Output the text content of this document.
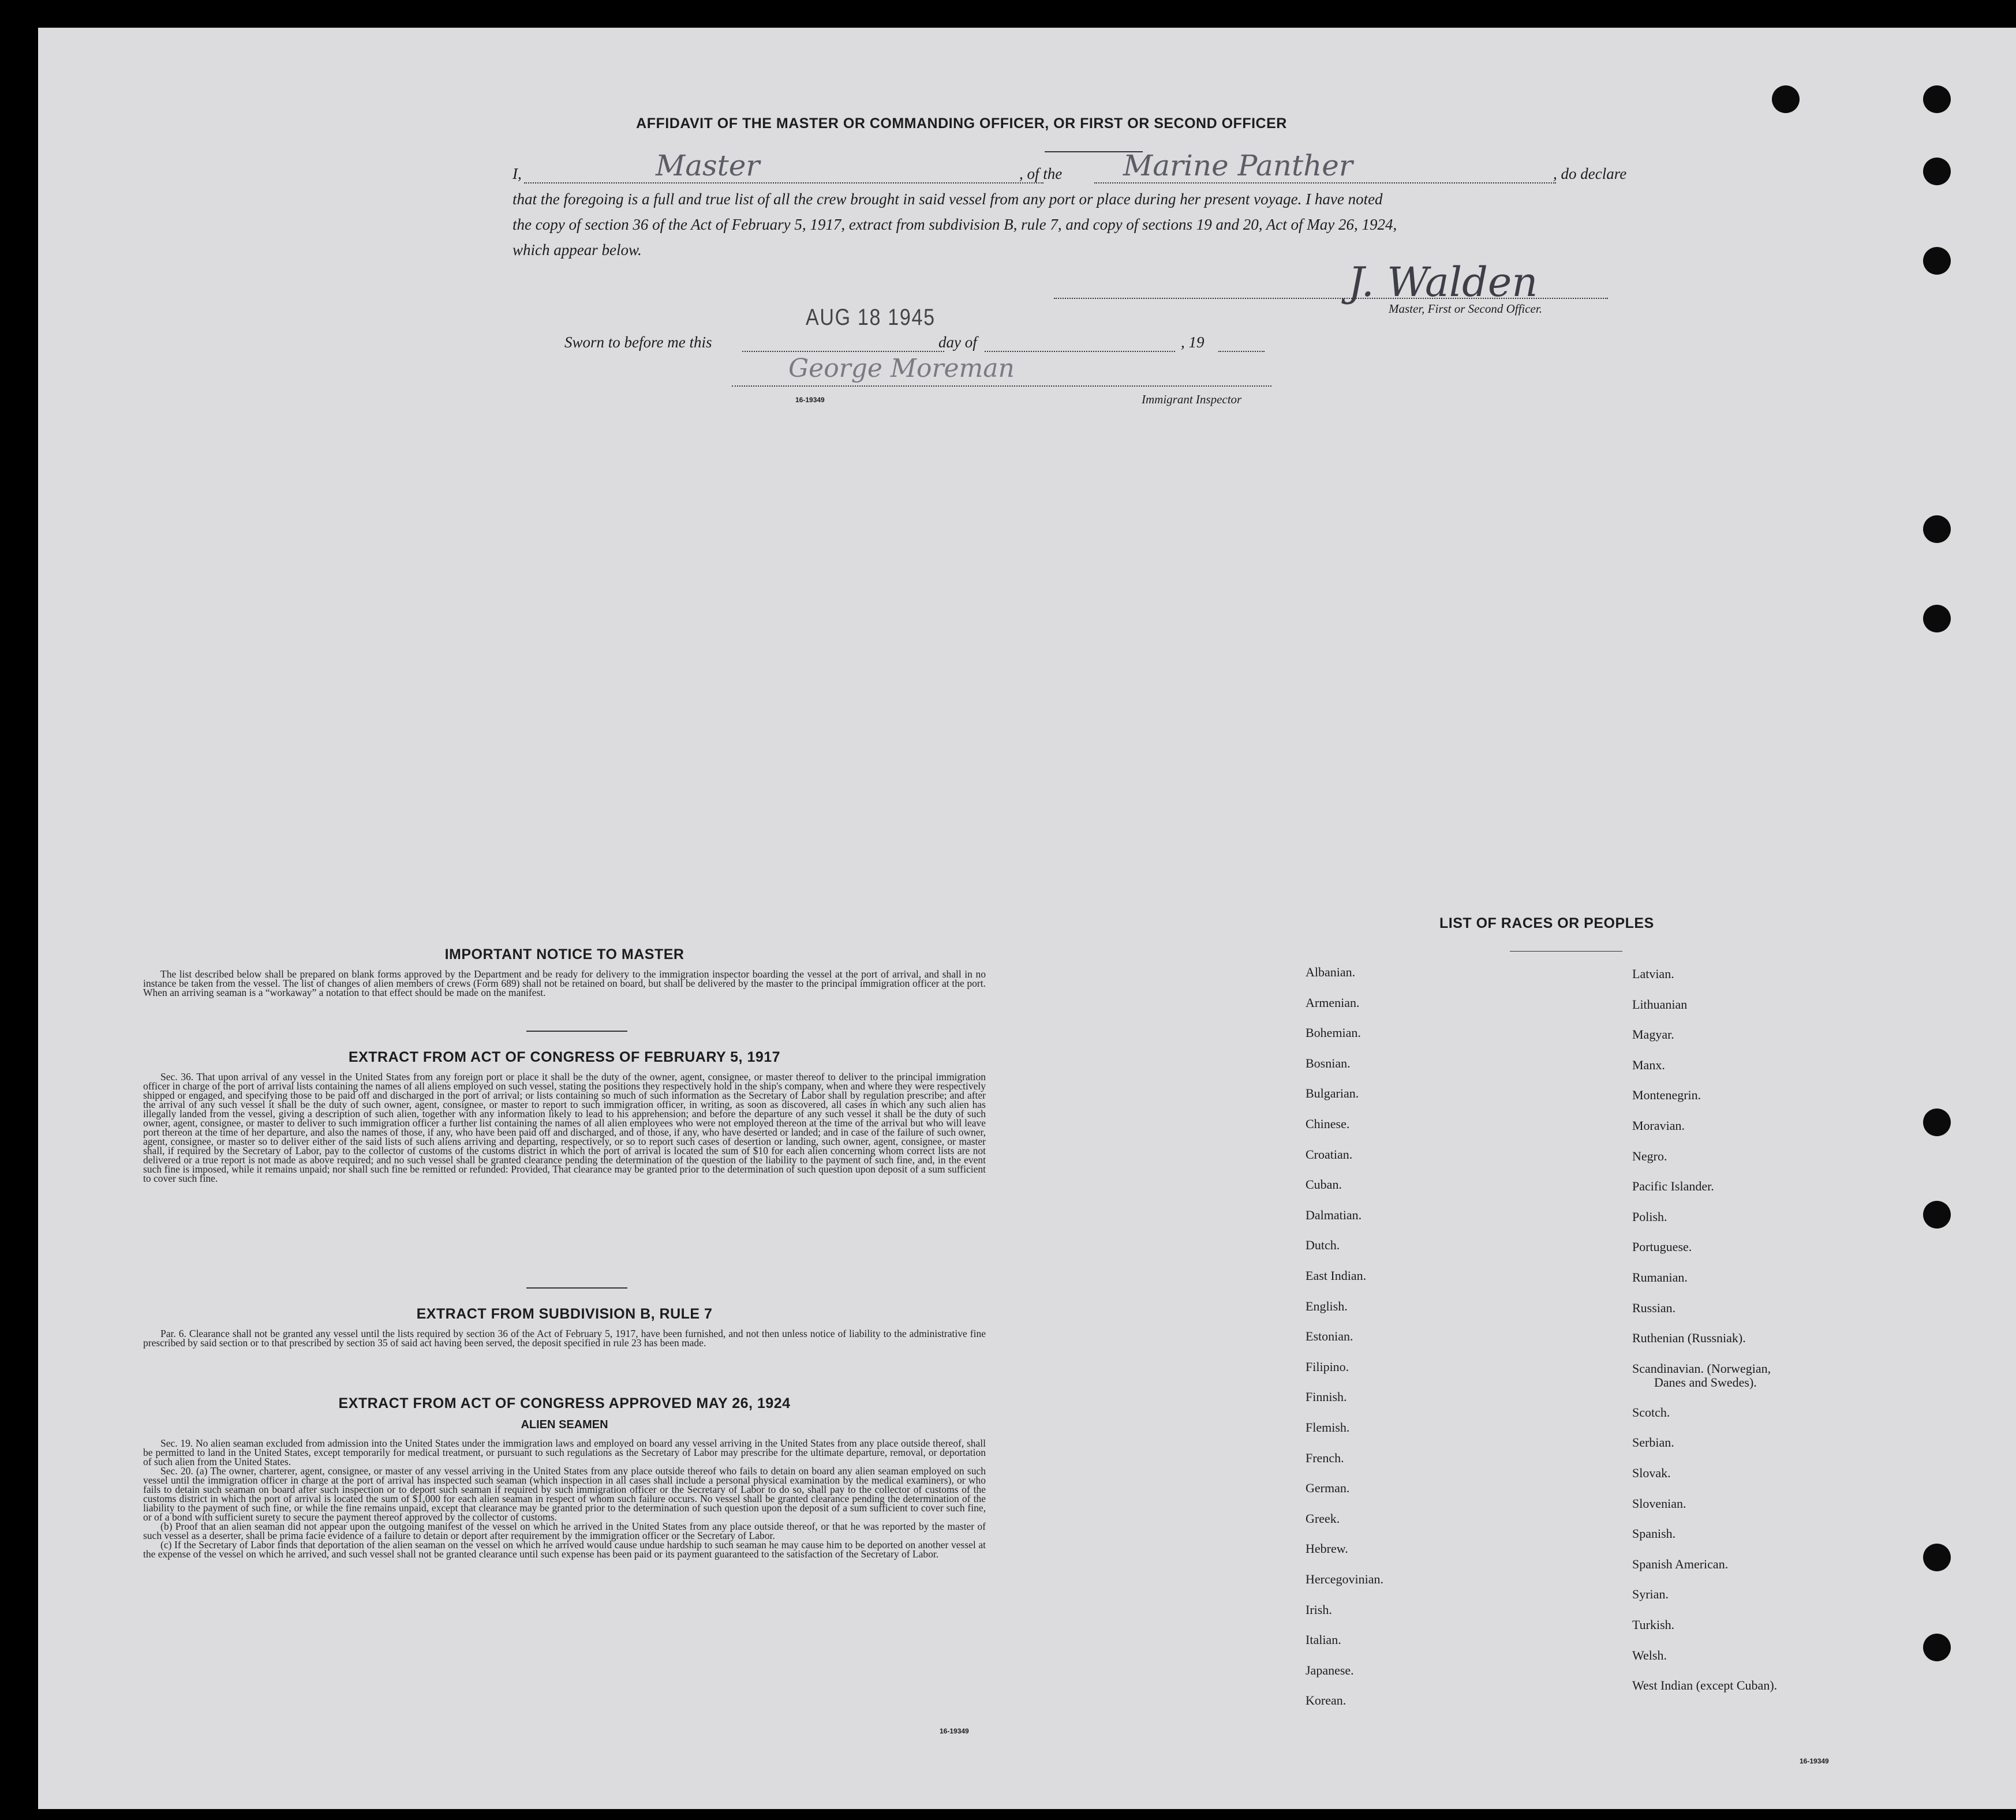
AFFIDAVIT OF THE MASTER OR COMMANDING OFFICER, OR FIRST OR SECOND OFFICER
I,	Master	, of the Marine Panther	, do declare
that the foregoing is a full and true list of all the crew brought in said vessel from any port or place during her present voyage. I have noted
the copy of section 36 of the Act of February 5, 1917, extract from subdivision B, rule 7, and copy of sections 19 and 20, Act of May 26, 1924,
which appear below.
J. Walden
Master, First or Second Officer.
Sworn to before me this
AUG 18 1945
day of	, 19
George Moreman
16-19349	Immigrant Inspector
IMPORTANT NOTICE TO MASTER

The list described below shall be prepared on blank forms approved by the Department and be ready for delivery to the immigration inspector boarding the vessel at the port of arrival, and shall in no instance be taken from the vessel. The list of changes of alien members of crews (Form 689) shall not be retained on board, but shall be delivered by the master to the principal immigration officer at the port. When an arriving seaman is a “workaway” a notation to that effect should be made on the manifest.

EXTRACT FROM ACT OF CONGRESS OF FEBRUARY 5, 1917

Sec. 36. That upon arrival of any vessel in the United States from any foreign port or place it shall be the duty of the owner, agent, consignee, or master thereof to deliver to the principal immigration officer in charge of the port of arrival lists containing the names of all aliens employed on such vessel, stating the positions they respectively hold in the ship's company, when and where they were respectively shipped or engaged, and specifying those to be paid off and discharged in the port of arrival; or lists containing so much of such information as the Secretary of Labor shall by regulation prescribe; and after the arrival of any such vessel it shall be the duty of such owner, agent, consignee, or master to report to such immigration officer, in writing, as soon as discovered, all cases in which any such alien has illegally landed from the vessel, giving a description of such alien, together with any information likely to lead to his apprehension; and before the departure of any such vessel it shall be the duty of such owner, agent, consignee, or master to deliver to such immigration officer a further list containing the names of all alien employees who were not employed thereon at the time of the arrival but who will leave port thereon at the time of her departure, and also the names of those, if any, who have been paid off and discharged, and of those, if any, who have deserted or landed; and in case of the failure of such owner, agent, consignee, or master so to deliver either of the said lists of such aliens arriving and departing, respectively, or so to report such cases of desertion or landing, such owner, agent, consignee, or master shall, if required by the Secretary of Labor, pay to the collector of customs of the customs district in which the port of arrival is located the sum of $10 for each alien concerning whom correct lists are not delivered or a true report is not made as above required; and no such vessel shall be granted clearance pending the determination of the question of the liability to the payment of such fine, and, in the event such fine is imposed, while it remains unpaid; nor shall such fine be remitted or refunded: Provided, That clearance may be granted prior to the determination of such question upon deposit of a sum sufficient to cover such fine.

EXTRACT FROM SUBDIVISION B, RULE 7

Par. 6. Clearance shall not be granted any vessel until the lists required by section 36 of the Act of February 5, 1917, have been furnished, and not then unless notice of liability to the administrative fine prescribed by said section or to that prescribed by section 35 of said act having been served, the deposit specified in rule 23 has been made.

EXTRACT FROM ACT OF CONGRESS APPROVED MAY 26, 1924
ALIEN SEAMEN

Sec. 19. No alien seaman excluded from admission into the United States under the immigration laws and employed on board any vessel arriving in the United States from any place outside thereof, shall be permitted to land in the United States, except temporarily for medical treatment, or pursuant to such regulations as the Secretary of Labor may prescribe for the ultimate departure, removal, or deportation of such alien from the United States.

Sec. 20. (a) The owner, charterer, agent, consignee, or master of any vessel arriving in the United States from any place outside thereof who fails to detain on board any alien seaman employed on such vessel until the immigration officer in charge at the port of arrival has inspected such seaman (which inspection in all cases shall include a personal physical examination by the medical examiners), or who fails to detain such seaman on board after such inspection or to deport such seaman if required by such immigration officer or the Secretary of Labor to do so, shall pay to the collector of customs of the customs district in which the port of arrival is located the sum of $1,000 for each alien seaman in respect of whom such failure occurs. No vessel shall be granted clearance pending the determination of the liability to the payment of such fine, or while the fine remains unpaid, except that clearance may be granted prior to the determination of such question upon the deposit of a sum sufficient to cover such fine, or of a bond with sufficient surety to secure the payment thereof approved by the collector of customs.

(b) Proof that an alien seaman did not appear upon the outgoing manifest of the vessel on which he arrived in the United States from any place outside thereof, or that he was reported by the master of such vessel as a deserter, shall be prima facie evidence of a failure to detain or deport after requirement by the immigration officer or the Secretary of Labor.

(c) If the Secretary of Labor finds that deportation of the alien seaman on the vessel on which he arrived would cause undue hardship to such seaman he may cause him to be deported on another vessel at the expense of the vessel on which he arrived, and such vessel shall not be granted clearance until such expense has been paid or its payment guaranteed to the satisfaction of the Secretary of Labor.

16-19349
LIST OF RACES OR PEOPLES
16-19349
Albanian.
Armenian.
Bohemian.
Bosnian.
Bulgarian.
Chinese.
Croatian.
Cuban.
Dalmatian.
Dutch.
East Indian.
English.
Estonian.
Filipino.
Finnish.
Flemish.
French.
German.
Greek.
Hebrew.
Hercegovinian.
Irish.
Italian.
Japanese.
Korean.
Latvian.
Lithuanian
Magyar.
Manx.
Montenegrin.
Moravian.
Negro.
Pacific Islander.
Polish.
Portuguese.
Rumanian.
Russian.
Ruthenian (Russniak).
Scandinavian. (Norwegian,
Danes and Swedes).
Scotch.
Serbian.
Slovak.
Slovenian.
Spanish.
Spanish American.
Syrian.
Turkish.
Welsh.
West Indian (except Cuban).
